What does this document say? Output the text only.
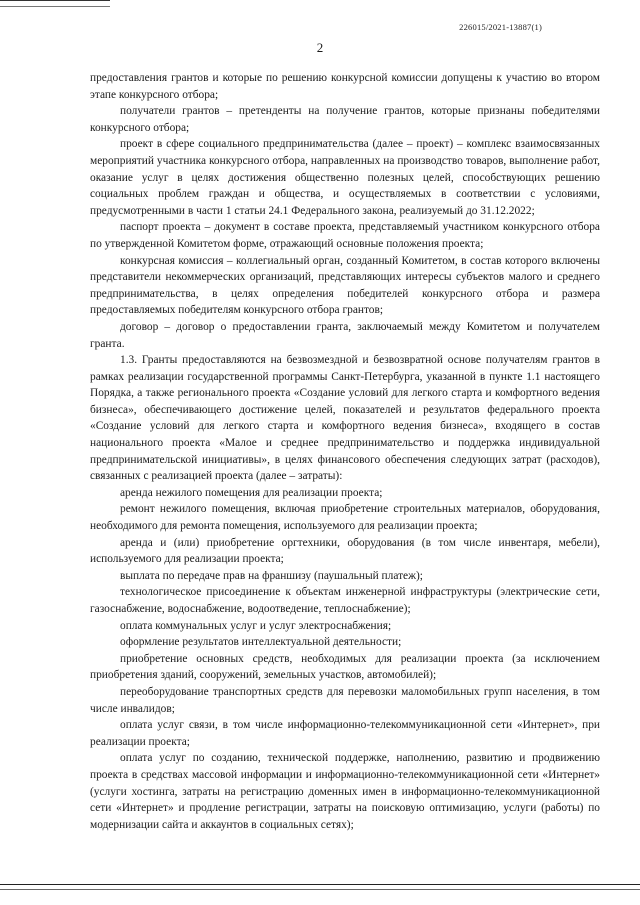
226015/2021-13887(1)
2

предоставления грантов и которые по решению конкурсной комиссии допущены к участию во втором этапе конкурсного отбора;

получатели грантов – претенденты на получение грантов, которые признаны победителями конкурсного отбора;

проект в сфере социального предпринимательства (далее – проект) – комплекс взаимосвязанных мероприятий участника конкурсного отбора, направленных на производство товаров, выполнение работ, оказание услуг в целях достижения общественно полезных целей, способствующих решению социальных проблем граждан и общества, и осуществляемых в соответствии с условиями, предусмотренными в части 1 статьи 24.1 Федерального закона, реализуемый до 31.12.2022;

паспорт проекта – документ в составе проекта, представляемый участником конкурсного отбора по утвержденной Комитетом форме, отражающий основные положения проекта;

конкурсная комиссия – коллегиальный орган, созданный Комитетом, в состав которого включены представители некоммерческих организаций, представляющих интересы субъектов малого и среднего предпринимательства, в целях определения победителей конкурсного отбора и размера предоставляемых победителям конкурсного отбора грантов;

договор – договор о предоставлении гранта, заключаемый между Комитетом и получателем гранта.

1.3. Гранты предоставляются на безвозмездной и безвозвратной основе получателям грантов в рамках реализации государственной программы Санкт-Петербурга, указанной в пункте 1.1 настоящего Порядка, а также регионального проекта «Создание условий для легкого старта и комфортного ведения бизнеса», обеспечивающего достижение целей, показателей и результатов федерального проекта «Создание условий для легкого старта и комфортного ведения бизнеса», входящего в состав национального проекта «Малое и среднее предпринимательство и поддержка индивидуальной предпринимательской инициативы», в целях финансового обеспечения следующих затрат (расходов), связанных с реализацией проекта (далее – затраты):

аренда нежилого помещения для реализации проекта;

ремонт нежилого помещения, включая приобретение строительных материалов, оборудования, необходимого для ремонта помещения, используемого для реализации проекта;

аренда и (или) приобретение оргтехники, оборудования (в том числе инвентаря, мебели), используемого для реализации проекта;

выплата по передаче прав на франшизу (паушальный платеж);

технологическое присоединение к объектам инженерной инфраструктуры (электрические сети, газоснабжение, водоснабжение, водоотведение, теплоснабжение);

оплата коммунальных услуг и услуг электроснабжения;

оформление результатов интеллектуальной деятельности;

приобретение основных средств, необходимых для реализации проекта (за исключением приобретения зданий, сооружений, земельных участков, автомобилей);

переоборудование транспортных средств для перевозки маломобильных групп населения, в том числе инвалидов;

оплата услуг связи, в том числе информационно-телекоммуникационной сети «Интернет», при реализации проекта;

оплата услуг по созданию, технической поддержке, наполнению, развитию и продвижению проекта в средствах массовой информации и информационно-телекоммуникационной сети «Интернет» (услуги хостинга, затраты на регистрацию доменных имен в информационно-телекоммуникационной сети «Интернет» и продление регистрации, затраты на поисковую оптимизацию, услуги (работы) по модернизации сайта и аккаунтов в социальных сетях);
